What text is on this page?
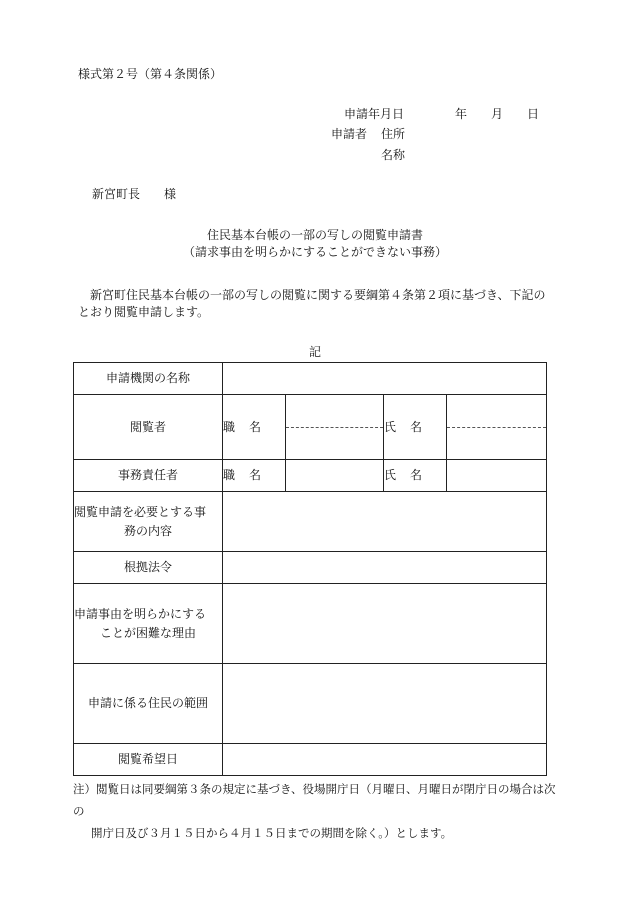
様式第２号（第４条関係）
申請年月日	年 月 日
申請者 住所
名称
新宮町長　　様
住民基本台帳の一部の写しの閲覧申請書
（請求事由を明らかにすることができない事務）
新宮町住民基本台帳の一部の写しの閲覧に関する要綱第４条第２項に基づき、下記の
とおり閲覧申請します。
記
申請機関の名称				
閲覧者	職 名		氏 名	

事務責任者	職 名		氏 名	

閲覧申請を必要とする事
務の内容				

根拠法令				

申請事由を明らかにする
ことが困難な理由				

申請に係る住民の範囲				
閲覧希望日				
注）閲覧日は同要綱第３条の規定に基づき、役場開庁日（月曜日、月曜日が閉庁日の場合は次の
開庁日及び３月１５日から４月１５日までの期間を除く。）とします。
